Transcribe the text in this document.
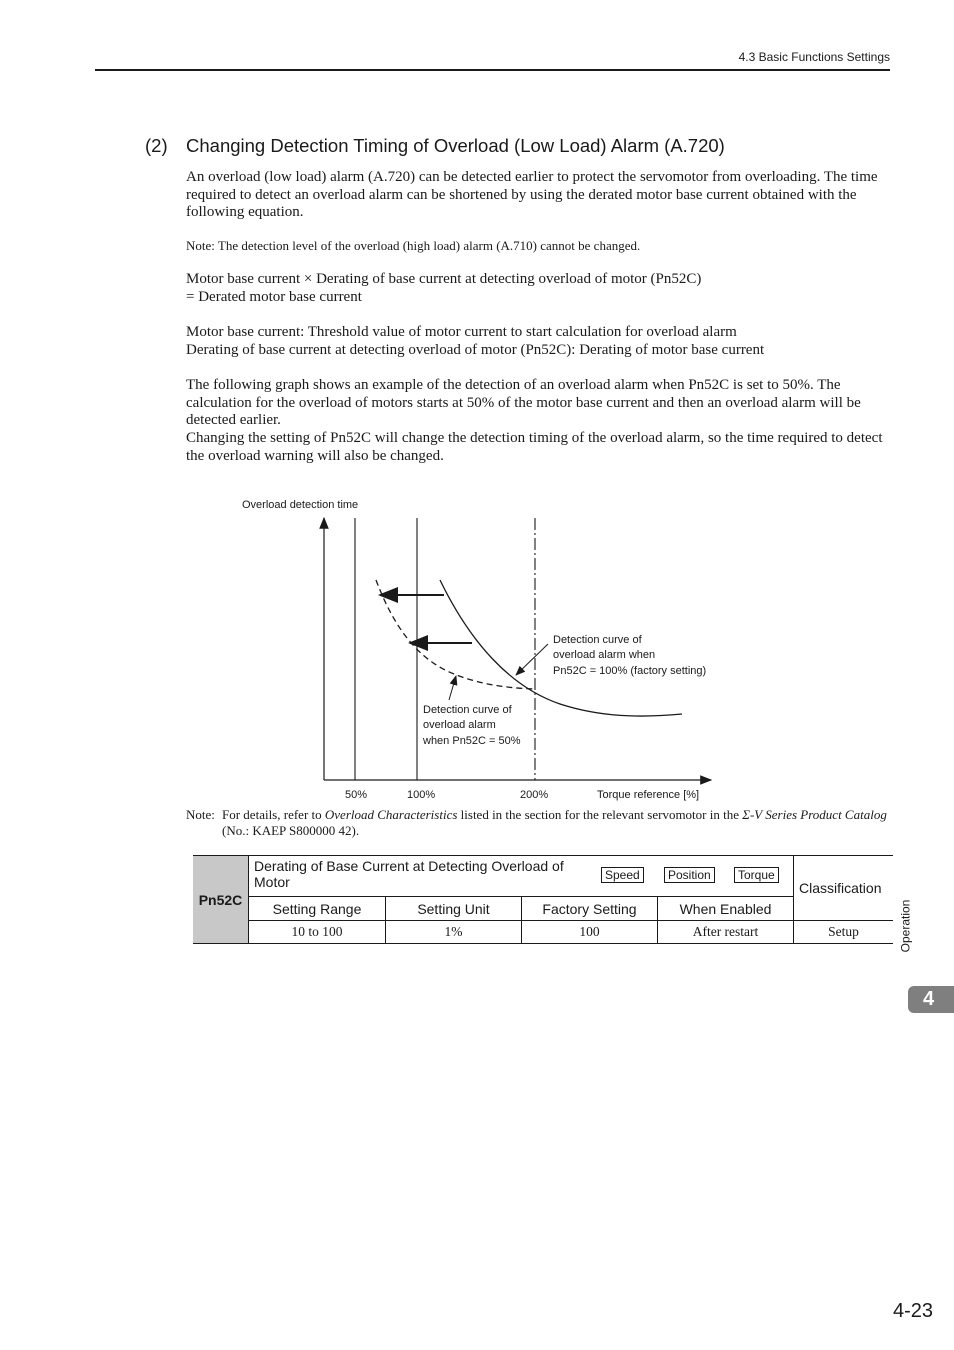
4.3 Basic Functions Settings
(2) Changing Detection Timing of Overload (Low Load) Alarm (A.720)
An overload (low load) alarm (A.720) can be detected earlier to protect the servomotor from overloading. The time required to detect an overload alarm can be shortened by using the derated motor base current obtained with the following equation.
Note: The detection level of the overload (high load) alarm (A.710) cannot be changed.
Motor base current × Derating of base current at detecting overload of motor (Pn52C)
= Derated motor base current
Motor base current: Threshold value of motor current to start calculation for overload alarm
Derating of base current at detecting overload of motor (Pn52C): Derating of motor base current
The following graph shows an example of the detection of an overload alarm when Pn52C is set to 50%. The calculation for the overload of motors starts at 50% of the motor base current and then an overload alarm will be detected earlier.
Changing the setting of Pn52C will change the detection timing of the overload alarm, so the time required to detect the overload warning will also be changed.
Overload detection time
50%	100%	200%	Torque reference [%]
Detection curve of
overload alarm when
Pn52C = 100% (factory setting)
Detection curve of
overload alarm
when Pn52C = 50%
Note: For details, refer to Overload Characteristics listed in the section for the relevant servomotor in the Σ-V Series Product Catalog (No.: KAEP S800000 42).
Pn52C	Derating of Base Current at Detecting Overload of Motor Speed Position Torque				Classification
	Setting Range	Setting Unit	Factory Setting	When Enabled	
	10 to 100	1%	100	After restart	Setup	Operation
4
4-23
